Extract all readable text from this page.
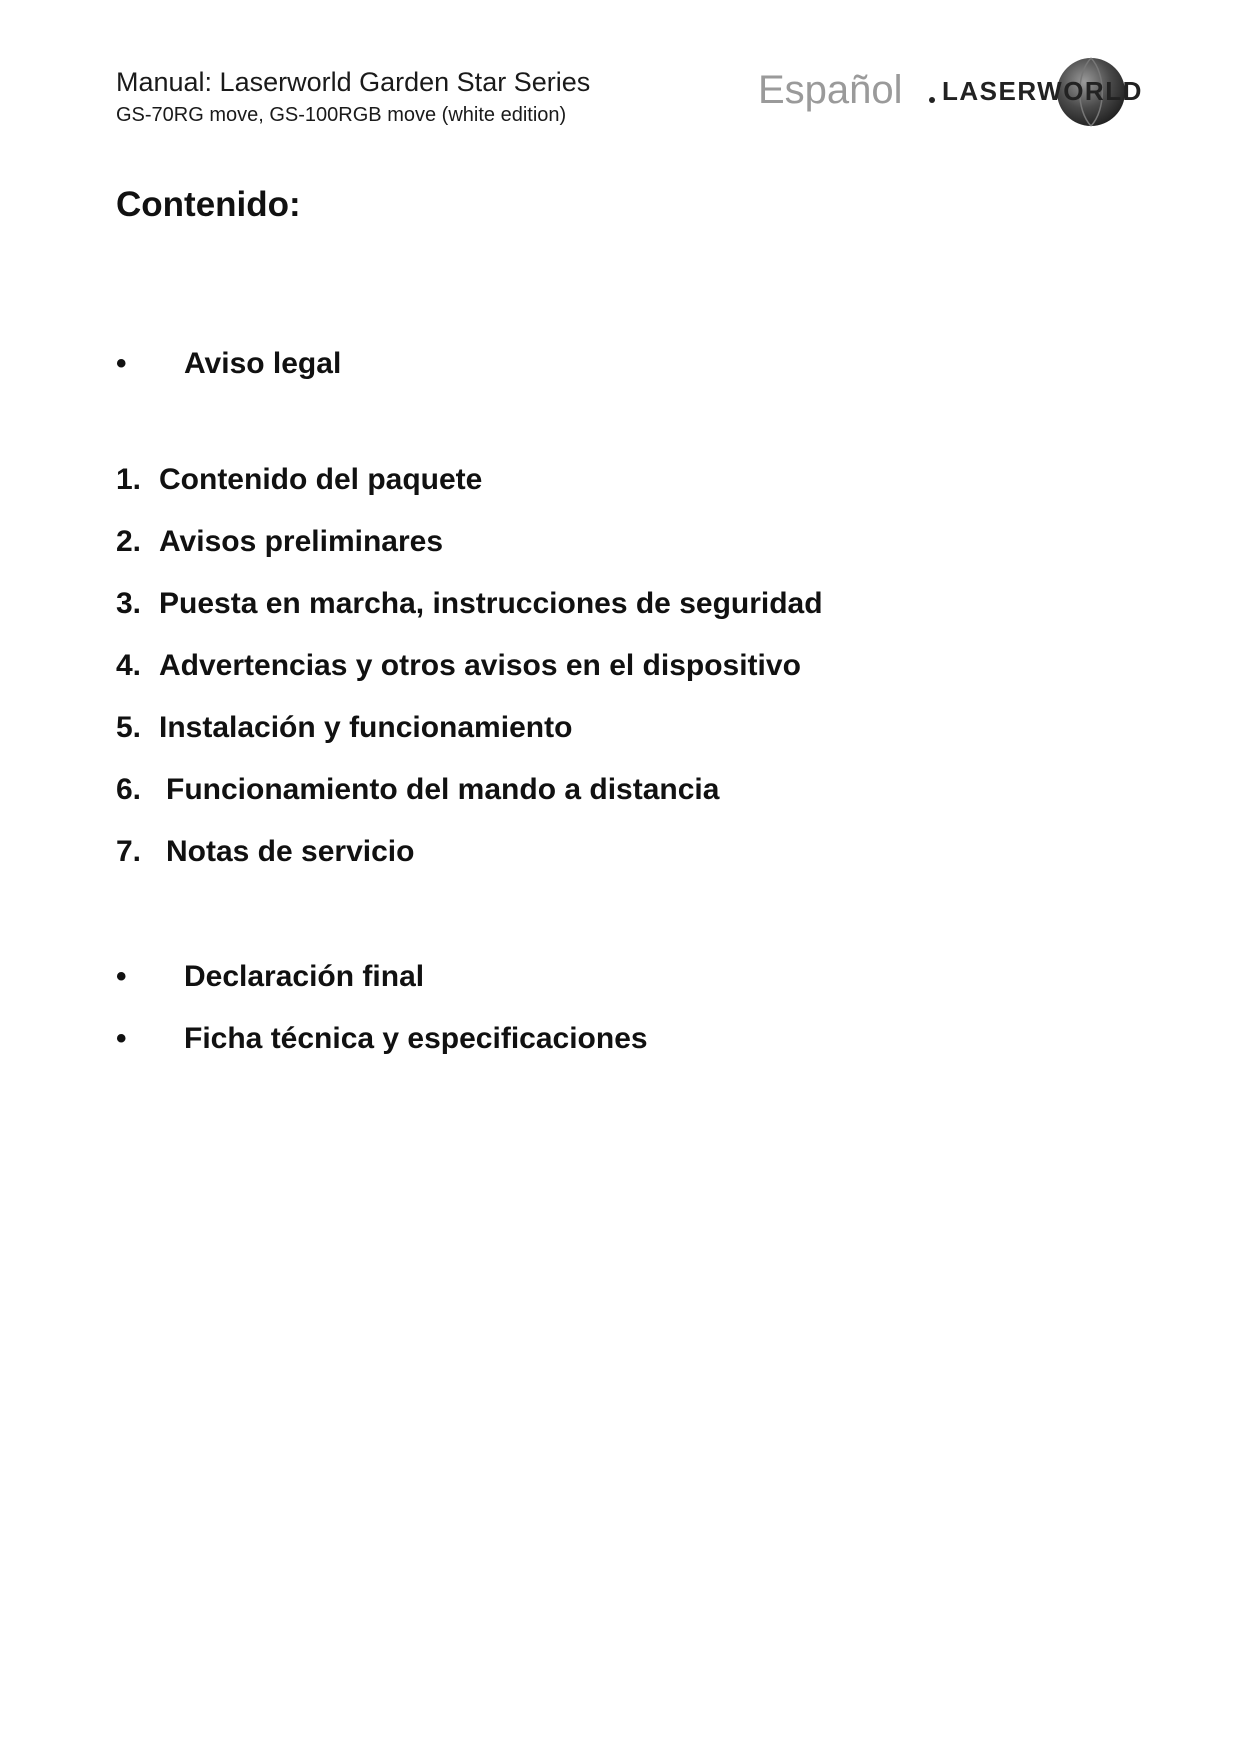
Manual: Laserworld Garden Star Series
GS-70RG move, GS-100RGB move (white edition)
Español LASERWORLD
Contenido:
• Aviso legal
1. Contenido del paquete
2. Avisos preliminares
3. Puesta en marcha, instrucciones de seguridad
4. Advertencias y otros avisos en el dispositivo
5. Instalación y funcionamiento
6. Funcionamiento del mando a distancia
7. Notas de servicio
• Declaración final
• Ficha técnica y especificaciones
